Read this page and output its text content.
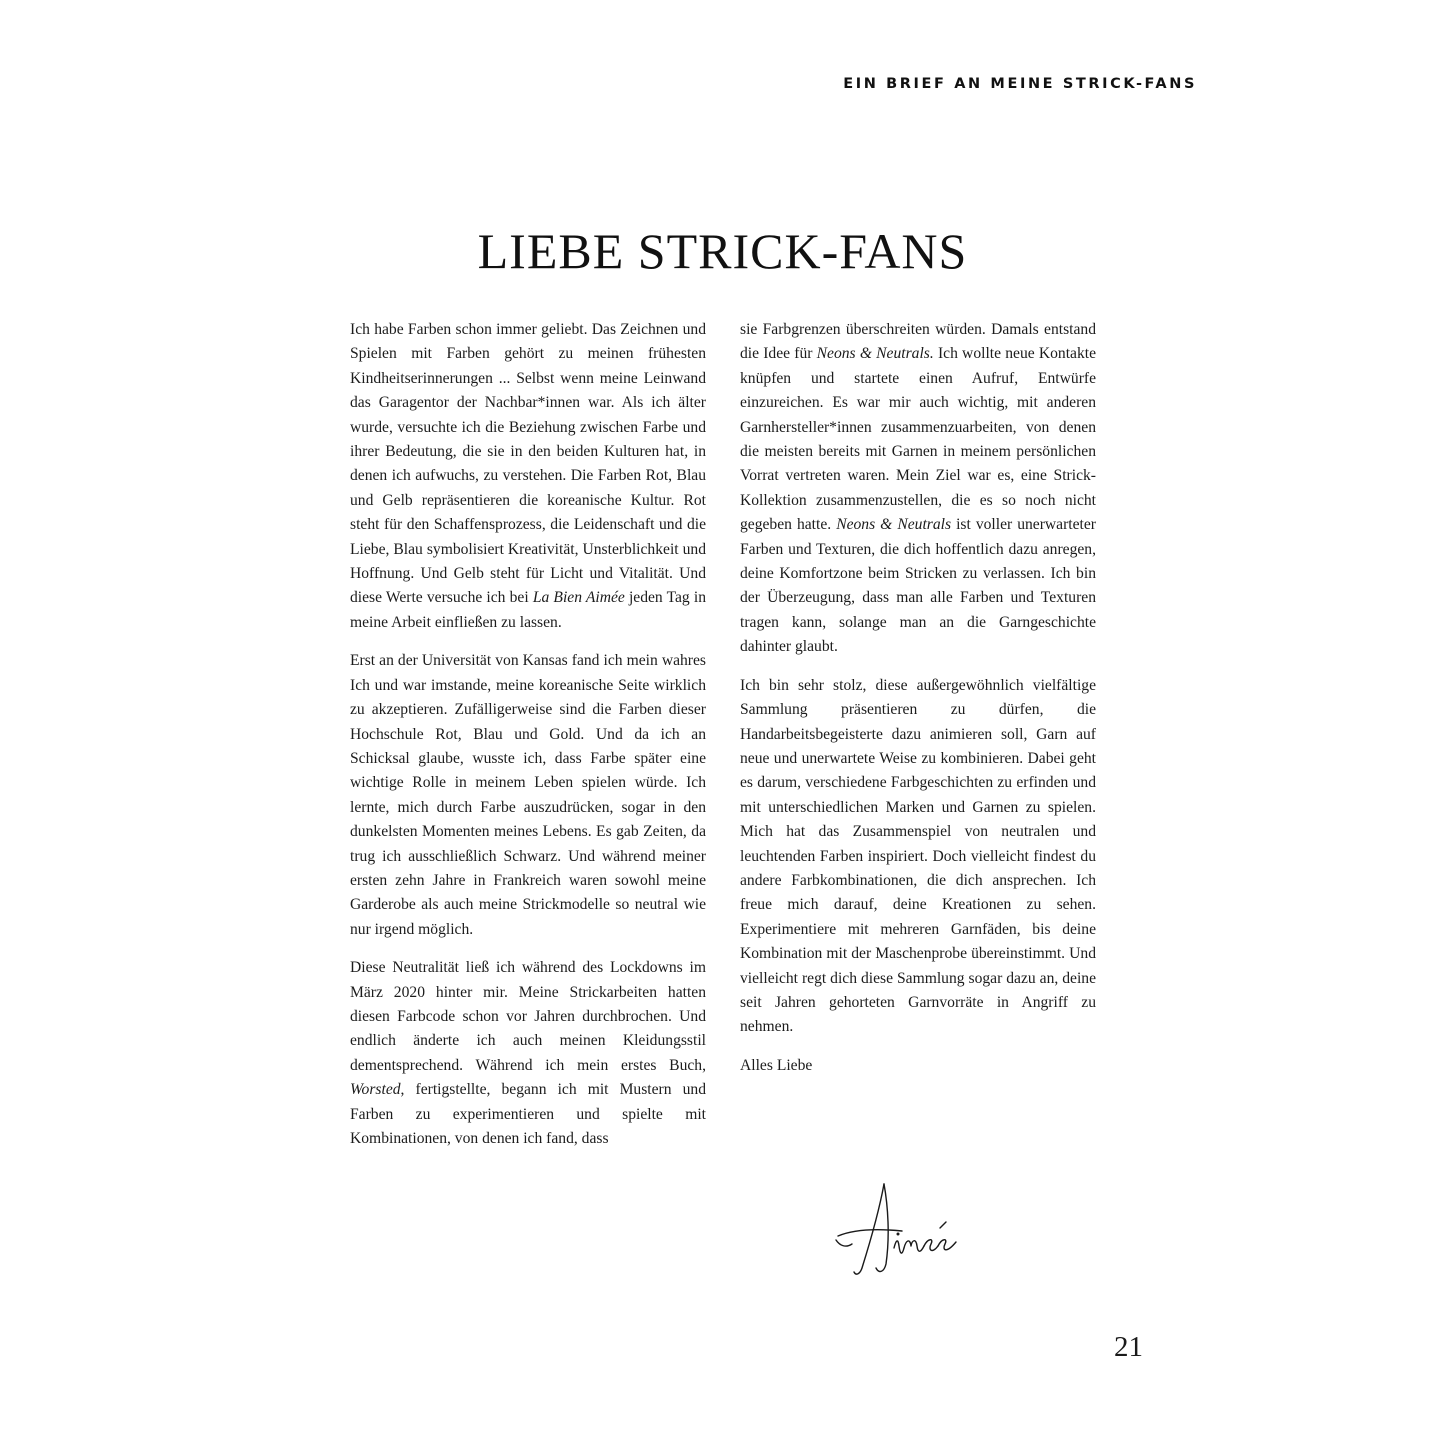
EIN BRIEF AN MEINE STRICK-FANS
LIEBE STRICK-FANS

Ich habe Farben schon immer geliebt. Das Zeichnen und Spielen mit Farben gehört zu meinen frühesten Kindheitserinnerungen ... Selbst wenn meine Leinwand das Garagentor der Nachbar*innen war. Als ich älter wurde, versuchte ich die Beziehung zwischen Farbe und ihrer Bedeutung, die sie in den beiden Kulturen hat, in denen ich aufwuchs, zu verstehen. Die Farben Rot, Blau und Gelb repräsentieren die koreanische Kultur. Rot steht für den Schaffensprozess, die Leidenschaft und die Liebe, Blau symbolisiert Kreativität, Unsterblichkeit und Hoffnung. Und Gelb steht für Licht und Vitalität. Und diese Werte versuche ich bei La Bien Aimée jeden Tag in meine Arbeit einfließen zu lassen.

Erst an der Universität von Kansas fand ich mein wahres Ich und war imstande, meine koreanische Seite wirklich zu akzeptieren. Zufälligerweise sind die Farben dieser Hochschule Rot, Blau und Gold. Und da ich an Schicksal glaube, wusste ich, dass Farbe später eine wichtige Rolle in meinem Leben spielen würde. Ich lernte, mich durch Farbe auszudrücken, sogar in den dunkelsten Momenten meines Lebens. Es gab Zeiten, da trug ich ausschließlich Schwarz. Und während meiner ersten zehn Jahre in Frankreich waren sowohl meine Garderobe als auch meine Strickmodelle so neutral wie nur irgend möglich.

Diese Neutralität ließ ich während des Lockdowns im März 2020 hinter mir. Meine Strickarbeiten hatten diesen Farbcode schon vor Jahren durchbrochen. Und endlich änderte ich auch meinen Kleidungsstil dementsprechend. Während ich mein erstes Buch, Worsted, fertigstellte, begann ich mit Mustern und Farben zu experimentieren und spielte mit Kombinationen, von denen ich fand, dass

sie Farbgrenzen überschreiten würden. Damals entstand die Idee für Neons & Neutrals. Ich wollte neue Kontakte knüpfen und startete einen Aufruf, Entwürfe einzureichen. Es war mir auch wichtig, mit anderen Garnhersteller*innen zusammenzuarbeiten, von denen die meisten bereits mit Garnen in meinem persönlichen Vorrat vertreten waren. Mein Ziel war es, eine Strick-Kollektion zusammenzustellen, die es so noch nicht gegeben hatte. Neons & Neutrals ist voller unerwarteter Farben und Texturen, die dich hoffentlich dazu anregen, deine Komfortzone beim Stricken zu verlassen. Ich bin der Überzeugung, dass man alle Farben und Texturen tragen kann, solange man an die Garngeschichte dahinter glaubt.

Ich bin sehr stolz, diese außergewöhnlich vielfältige Sammlung präsentieren zu dürfen, die Handarbeitsbegeisterte dazu animieren soll, Garn auf neue und unerwartete Weise zu kombinieren. Dabei geht es darum, verschiedene Farbgeschichten zu erfinden und mit unterschiedlichen Marken und Garnen zu spielen. Mich hat das Zusammenspiel von neutralen und leuchtenden Farben inspiriert. Doch vielleicht findest du andere Farbkombinationen, die dich ansprechen. Ich freue mich darauf, deine Kreationen zu sehen. Experimentiere mit mehreren Garnfäden, bis deine Kombination mit der Maschenprobe übereinstimmt. Und vielleicht regt dich diese Sammlung sogar dazu an, deine seit Jahren gehorteten Garnvorräte in Angriff zu nehmen.

Alles Liebe

21
